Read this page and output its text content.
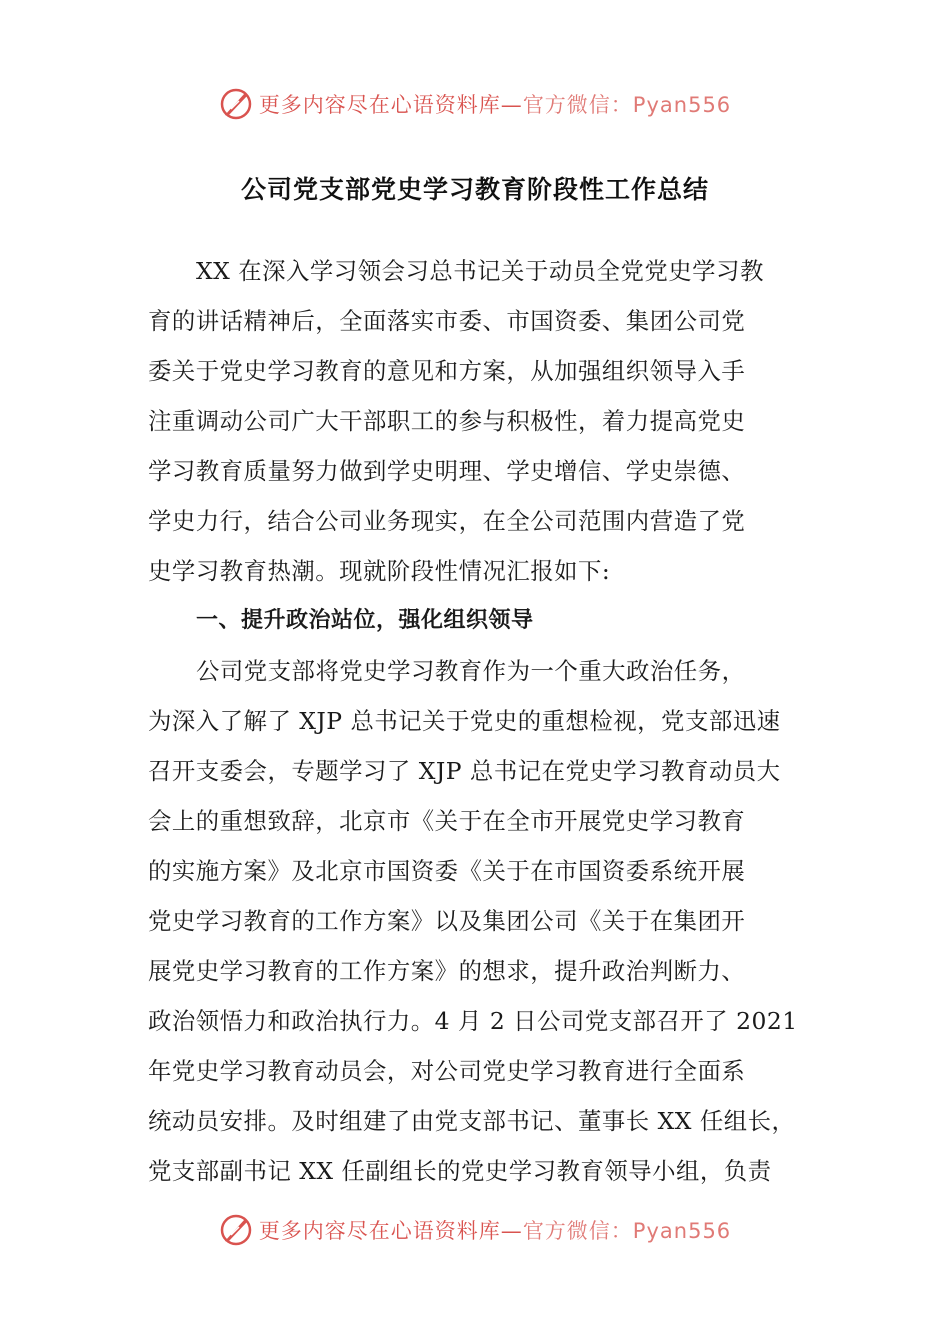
更多内容尽在心语资料库— 官方微信：Pyan556
公司党支部党史学习教育阶段性工作总结
XX 在深入学习领会习总书记关于动员全党党史学习教
育的讲话精神后，全面落实市委、市国资委、集团公司党
委关于党史学习教育的意见和方案，从加强组织领导入手
注重调动公司广大干部职工的参与积极性，着力提高党史
学习教育质量努力做到学史明理、学史增信、学史崇德、
学史力行，结合公司业务现实，在全公司范围内营造了党
史学习教育热潮。现就阶段性情况汇报如下:
一、提升政治站位，强化组织领导
公司党支部将党史学习教育作为一个重大政治任务，
为深入了解了 XJP 总书记关于党史的重想检视，党支部迅速
召开支委会，专题学习了 XJP 总书记在党史学习教育动员大
会上的重想致辞，北京市《关于在全市开展党史学习教育
的实施方案》及北京市国资委《关于在市国资委系统开展
党史学习教育的工作方案》以及集团公司《关于在集团开
展党史学习教育的工作方案》的想求，提升政治判断力、
政治领悟力和政治执行力。4 月 2 日公司党支部召开了 2021
年党史学习教育动员会，对公司党史学习教育进行全面系
统动员安排。及时组建了由党支部书记、董事长 XX 任组长，
党支部副书记 XX 任副组长的党史学习教育领导小组，负责
更多内容尽在心语资料库— 官方微信：Pyan556
